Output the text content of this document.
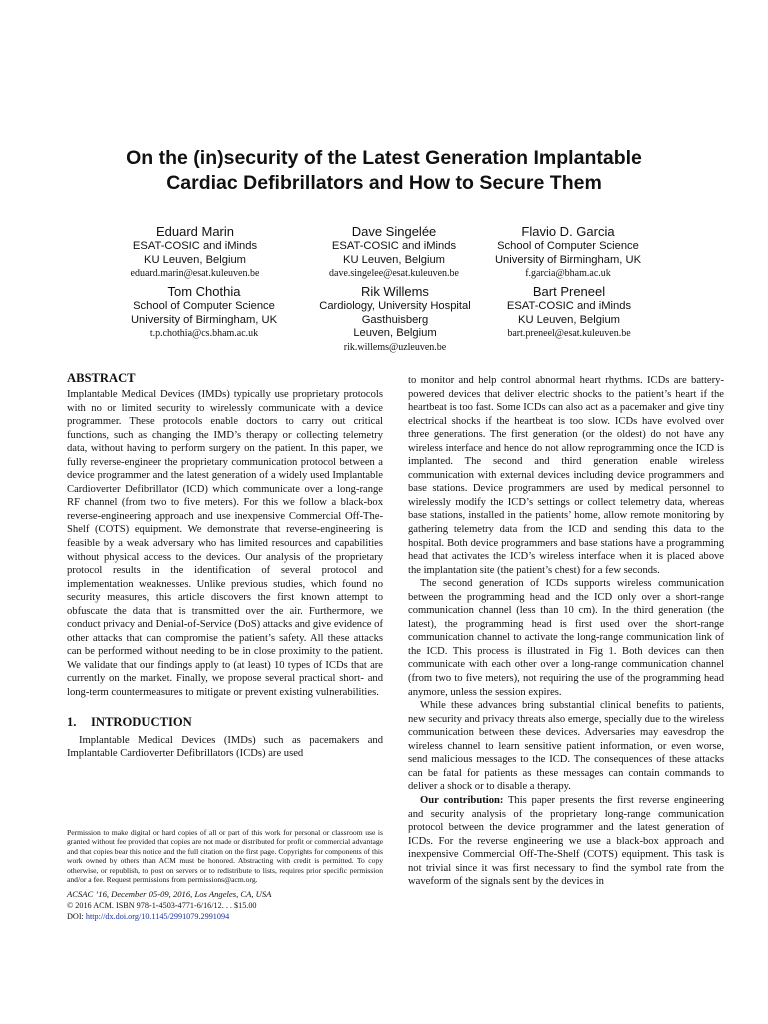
On the (in)security of the Latest Generation Implantable
Cardiac Defibrillators and How to Secure Them
Eduard Marin
ESAT-COSIC and iMinds
KU Leuven, Belgium
eduard.marin@esat.kuleuven.be
Dave Singelée
ESAT-COSIC and iMinds
KU Leuven, Belgium
dave.singelee@esat.kuleuven.be
Flavio D. Garcia
School of Computer Science
University of Birmingham, UK
f.garcia@bham.ac.uk
Tom Chothia
School of Computer Science
University of Birmingham, UK
t.p.chothia@cs.bham.ac.uk
Rik Willems
Cardiology, University Hospital
Gasthuisberg
Leuven, Belgium
rik.willems@uzleuven.be
Bart Preneel
ESAT-COSIC and iMinds
KU Leuven, Belgium
bart.preneel@esat.kuleuven.be
ABSTRACT

Implantable Medical Devices (IMDs) typically use proprietary protocols with no or limited security to wirelessly communicate with a device programmer. These protocols enable doctors to carry out critical functions, such as changing the IMD’s therapy or collecting telemetry data, without having to perform surgery on the patient. In this paper, we fully reverse-engineer the proprietary communication protocol between a device programmer and the latest generation of a widely used Implantable Cardioverter Defibrillator (ICD) which communicate over a long-range RF channel (from two to five meters). For this we follow a black-box reverse-engineering approach and use inexpensive Commercial Off-The-Shelf (COTS) equipment. We demonstrate that reverse-engineering is feasible by a weak adversary who has limited resources and capabilities without physical access to the devices. Our analysis of the proprietary protocol results in the identification of several protocol and implementation weaknesses. Unlike previous studies, which found no security measures, this article discovers the first known attempt to obfuscate the data that is transmitted over the air. Furthermore, we conduct privacy and Denial-of-Service (DoS) attacks and give evidence of other attacks that can compromise the patient’s safety. All these attacks can be performed without needing to be in close proximity to the patient. We validate that our findings apply to (at least) 10 types of ICDs that are currently on the market. Finally, we propose several practical short- and long-term countermeasures to mitigate or prevent existing vulnerabilities.

1. INTRODUCTION

Implantable Medical Devices (IMDs) such as pacemakers and Implantable Cardioverter Defibrillators (ICDs) are used

Permission to make digital or hard copies of all or part of this work for personal or classroom use is granted without fee provided that copies are not made or distributed for profit or commercial advantage and that copies bear this notice and the full citation on the first page. Copyrights for components of this work owned by others than ACM must be honored. Abstracting with credit is permitted. To copy otherwise, or republish, to post on servers or to redistribute to lists, requires prior specific permission and/or a fee. Request permissions from permissions@acm.org.

ACSAC ’16, December 05-09, 2016, Los Angeles, CA, USA

© 2016 ACM. ISBN 978-1-4503-4771-6/16/12. . . $15.00

DOI: http://dx.doi.org/10.1145/2991079.2991094

to monitor and help control abnormal heart rhythms. ICDs are battery-powered devices that deliver electric shocks to the patient’s heart if the heartbeat is too fast. Some ICDs can also act as a pacemaker and give tiny electrical shocks if the heartbeat is too slow. ICDs have evolved over three generations. The first generation (or the oldest) do not have any wireless interface and hence do not allow reprogramming once the ICD is implanted. The second and third generation enable wireless communication with external devices including device programmers and base stations. Device programmers are used by medical personnel to wirelessly modify the ICD’s settings or collect telemetry data, whereas base stations, installed in the patients’ home, allow remote monitoring by gathering telemetry data from the ICD and sending this data to the hospital. Both device programmers and base stations have a programming head that activates the ICD’s wireless interface when it is placed above the implantation site (the patient’s chest) for a few seconds.

The second generation of ICDs supports wireless communication between the programming head and the ICD only over a short-range communication channel (less than 10 cm). In the third generation (the latest), the programming head is first used over the short-range communication channel to activate the long-range communication link of the ICD. This process is illustrated in Fig 1. Both devices can then communicate with each other over a long-range communication channel (from two to five meters), not requiring the use of the programming head anymore, unless the session expires.

While these advances bring substantial clinical benefits to patients, new security and privacy threats also emerge, specially due to the wireless communication between these devices. Adversaries may eavesdrop the wireless channel to learn sensitive patient information, or even worse, send malicious messages to the ICD. The consequences of these attacks can be fatal for patients as these messages can contain commands to deliver a shock or to disable a therapy.

Our contribution: This paper presents the first reverse engineering and security analysis of the proprietary long-range communication protocol between the device programmer and the latest generation of ICDs. For the reverse engineering we use a black-box approach and inexpensive Commercial Off-The-Shelf (COTS) equipment. This task is not trivial since it was first necessary to find the symbol rate from the waveform of the signals sent by the devices in
